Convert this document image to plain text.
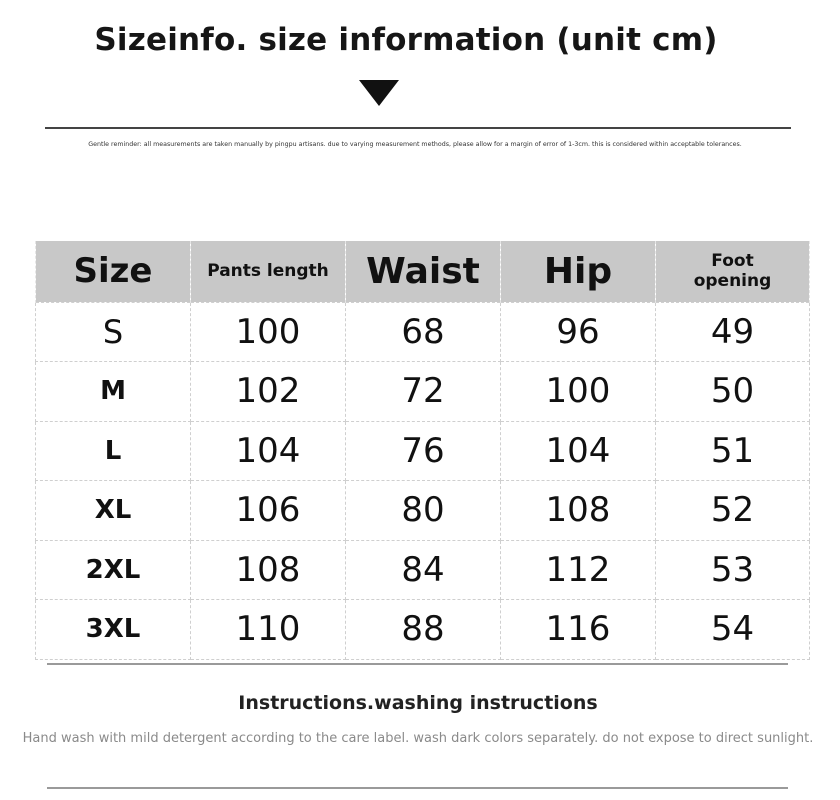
Sizeinfo. size information (unit cm)
Gentle reminder: all measurements are taken manually by pingpu artisans. due to varying measurement methods, please allow for a margin of error of 1-3cm. this is considered within acceptable tolerances.
Size	Pants length	Waist	Hip	Foot
opening

S	100	68	96	49
M	102	72	100	50
L	104	76	104	51
XL	106	80	108	52
2XL	108	84	112	53
3XL	110	88	116	54
Instructions.washing instructions
Hand wash with mild detergent according to the care label. wash dark colors separately. do not expose to direct sunlight.
